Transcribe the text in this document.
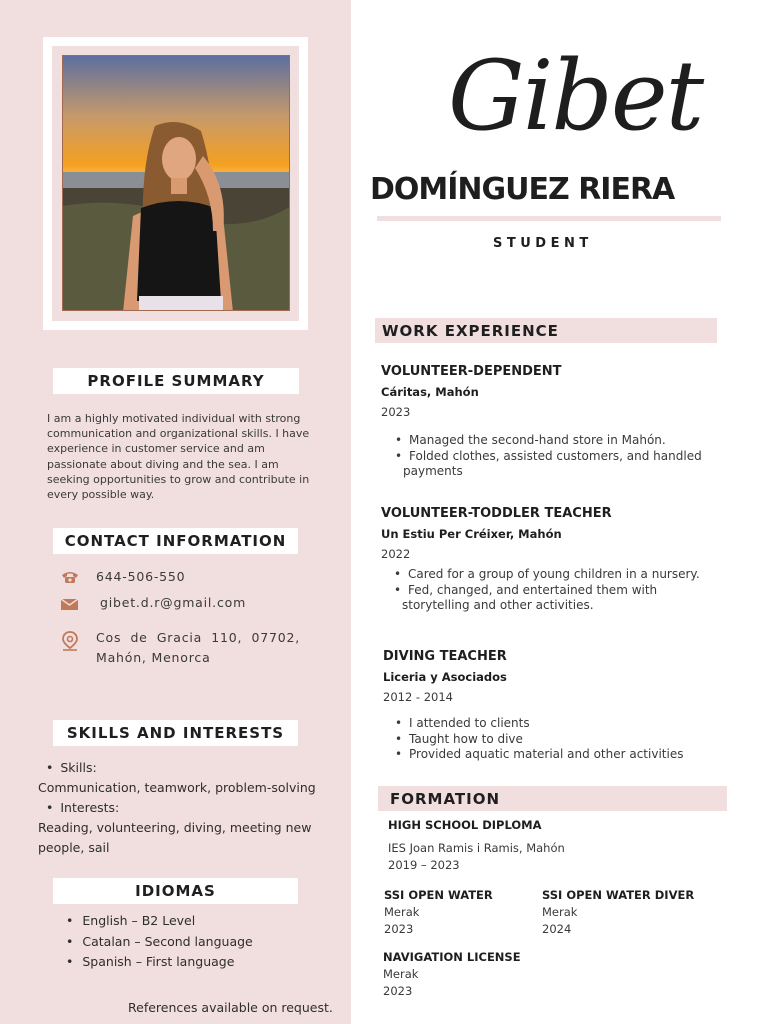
PROFILE SUMMARY
I am a highly motivated individual with strong communication and organizational skills. I have experience in customer service and am passionate about diving and the sea. I am seeking opportunities to grow and contribute in every possible way.
CONTACT INFORMATION
644-506-550
gibet.d.r@gmail.com
Cos de Gracia 110, 07702, Mahón, Menorca
SKILLS AND INTERESTS
• Skills:
Communication, teamwork, problem-solving
• Interests:
Reading, volunteering, diving, meeting new people, sail
IDIOMAS
• English – B2 Level
• Catalan – Second language
• Spanish – First language
References available on request.
Gibet
DOMÍNGUEZ RIERA
STUDENT
WORK EXPERIENCE
VOLUNTEER-DEPENDENT
Cáritas, Mahón
2023
• Managed the second-hand store in Mahón.
• Folded clothes, assisted customers, and handled payments
VOLUNTEER-TODDLER TEACHER
Un Estiu Per Créixer, Mahón
2022
• Cared for a group of young children in a nursery.
• Fed, changed, and entertained them with storytelling and other activities.
DIVING TEACHER
Liceria y Asociados
2012 - 2014
• I attended to clients
• Taught how to dive
• Provided aquatic material and other activities
FORMATION
HIGH SCHOOL DIPLOMA
IES Joan Ramis i Ramis, Mahón
2019 – 2023
SSI OPEN WATER
Merak
2023
SSI OPEN WATER DIVER
Merak
2024
NAVIGATION LICENSE
Merak
2023
